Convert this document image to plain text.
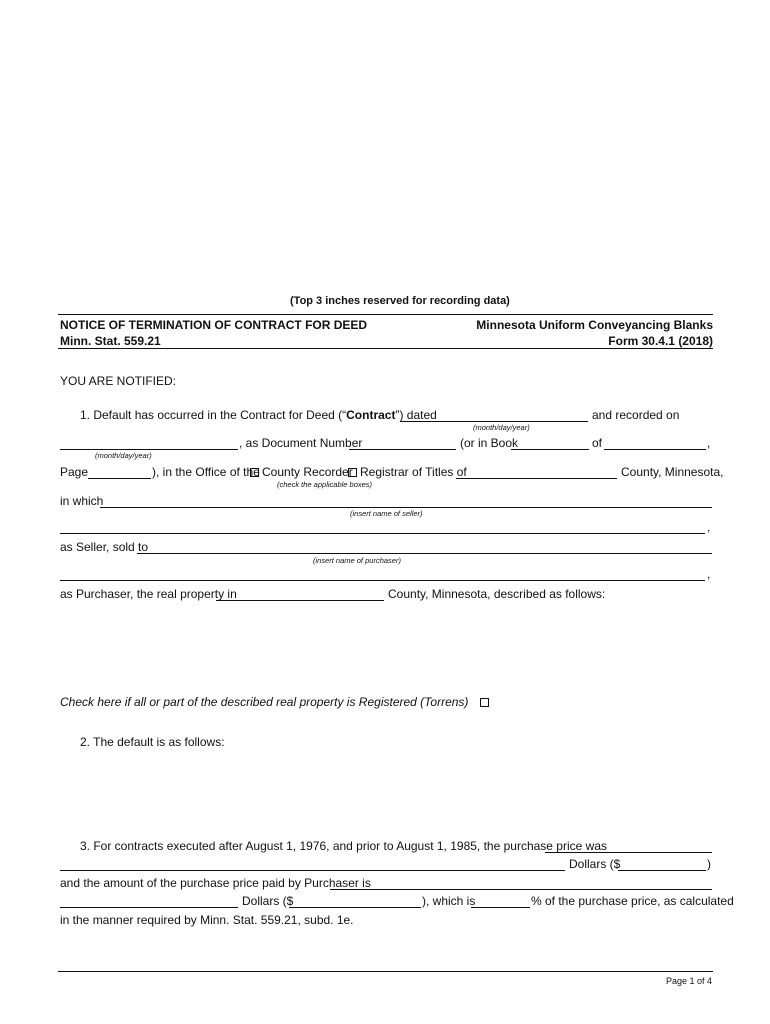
(Top 3 inches reserved for recording data)
NOTICE OF TERMINATION OF CONTRACT FOR DEED
Minn. Stat. 559.21
Minnesota Uniform Conveyancing Blanks
Form 30.4.1 (2018)
YOU ARE NOTIFIED:
1. Default has occurred in the Contract for Deed (“Contract”) dated	and recorded on
(month/day/year)
, as Document Number	(or in Book	of	,
(month/day/year)
Page	), in the Office of the County Recorder Registrar of Titles of	County, Minnesota,
(check the applicable boxes)
in which
(insert name of seller)
,
as Seller, sold to
(insert name of purchaser)
,
as Purchaser, the real property in	County, Minnesota, described as follows:
Check here if all or part of the described real property is Registered (Torrens)
2. The default is as follows:
3. For contracts executed after August 1, 1976, and prior to August 1, 1985, the purchase price was
Dollars ($	)
and the amount of the purchase price paid by Purchaser is
Dollars ($	), which is	% of the purchase price, as calculated
in the manner required by Minn. Stat. 559.21, subd. 1e.
Page 1 of 4
